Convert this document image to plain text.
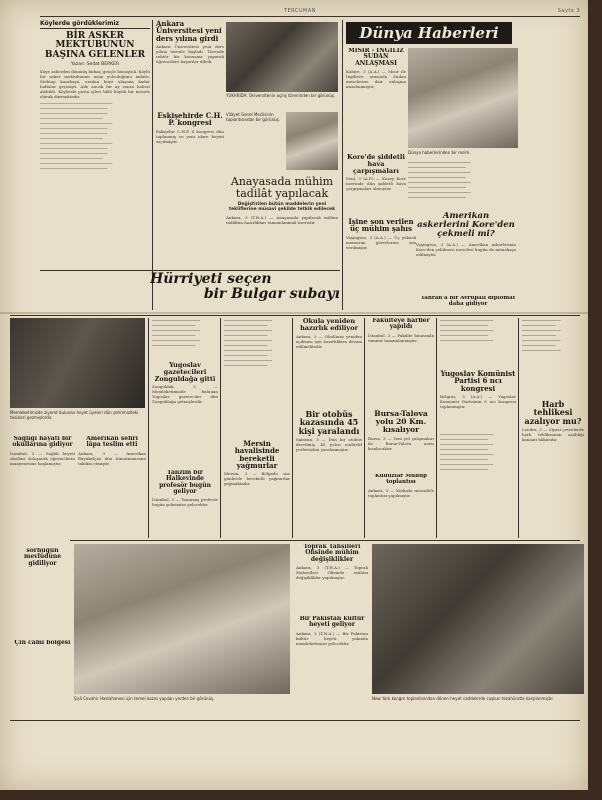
TERCÜMAN	Sayfa 3
Köylerde gördüklerimiz
BİR ASKER MEKTUBUNUN BAŞINA GELENLER
Yazan: Sedat BERKER
Köye askerden dönmüş birkaç gençle konuştuk. Köylü bir asker mektubunun uzun yolculuğunu anlattı. Mektup kasabaya, oradan köye ulaşana kadar haftalar geçmişti. Aile ancak bir ay sonra haberi alabildi. Köylerde posta işleri hâlâ büyük bir mesele olarak durmaktadır.
────────────────────────────── ──────────────────────────── ──────────────────────────── ────────────────────────── ────────────────────────────── ──────────────────────────── ──────────────────────────── ────────────────────────── ────────────────────────────── ──────────────────────────── ──────────────────────────── ────────────────────────── ────────────────────────────── ────────────────────────────
Ankara Üniversitesi yeni ders yılına girdi
Ankara Üniversitesi yeni ders yılına törenle başladı. Törende rektör bir konuşma yaparak öğrencilere başarılar diledi.
Eskişehirde C.H. P. kongresi
Eskişehir C.H.P. il kongresi dün toplanmış ve yeni idare heyeti seçilmiştir.
YUKARIDA: Üniversitenin açılış töreninden bir görünüş.
Vilâyet Genel Meclisinin toplantısından bir görünüş.
Anayasada mühim tadilât yapılacak
Değiştirilen bütün maddelerin yeni tekliflerine müsavi şekilde tetkik edilecek
Ankara, 3 (T.H.A.) — Anayasada yapılacak mühim tadilâtın hazırlıkları tamamlanmak üzeredir.
Dünya Haberleri
MISIR - İNGİLİZ SUDAN ANLAŞMASI
Kahire, 3 (A.A.) — Mısır ile İngiltere arasında Sudan meselesine dair anlaşma imzalanmıştır.
Dünya haberlerinden bir resim.
Kore'de şiddetli hava çarpışmaları
Seul, 3 (A.P.) — Kuzey Kore üzerinde dün şiddetli hava çarpışmaları olmuştur.
İşine son verilen üç mühim şahıs
Vaşington, 3 (A.A.) — Üç yüksek memurun görevlerine son verilmiştir.
────────────────────────── ──────────────────────── ────────────────────────── ──────────────────────── ────────────────────────── ──────────────────────── ────────────────────────── ────────────────────────
Amerikan askerlerini Kore'den çekmeli mi?
Vaşington, 3 (A.A.) — Amerikan askerlerinin Kore'den çekilmesi meselesi bugün de münakaşa edilmiştir.
Tahran'a bir Avrupalı diplomat daha gidiyor
Hürriyeti seçen
bir Bulgar subayı
Memleketimizde ziyaret bulunan heyet üyeleri dün şehrimizdeki tesisleri gezmişlerdir.
Sağlığı hayati bir okullarına gidiyor
İstanbul, 3 — Sağlık heyeti okulları dolaşarak öğrencilerin muayenesine başlamıştır.
Amerikan sefiri lâpa teslim etti
Ankara, 3 — Amerikan Büyükelçisi dün itimatnamesini takdim etmiştir.
sorhugun mevlüdüne gidiliyor
Çin cami bölgesi
──────────────────── ────────────────── ──────────────────── ────────────────── ──────────────────── ──────────────────
Yugoslav gazetecileri Zonguldağa gitti
Zonguldak, 3 — Memleketimizde bulunan Yugoslav gazeteciler dün Zonguldağa gelmişlerdir.
Tanzim bir Halkevinde profesör bugün geliyor
İstanbul, 3 — Tanınmış profesör bugün şehrimize gelecektir.
──────────────────── ────────────────── ──────────────────── ────────────────── ──────────────────── ────────────────── ──────────────────── ────────────────── ──────────────────── ──────────────────
Mersin havalisinde bereketli yağmurlar
Mersin, 3 — Bölgede son günlerde bereketli yağmurlar yağmaktadır.
Okula yeniden hazırlık ediliyor
Ankara, 3 — Okulların yeniden açılması için hazırlıklara devam edilmektedir.
Bir otobüs kazasında 45 kişi yaralandı
Samsun, 3 — Dün bir otobüs devrilmiş, 45 yolcu muhtelif yerlerinden yaralanmıştır.
Fakülteye harfler yapıldı
İstanbul, 3 — Fakülte binasında tamirat tamamlanmıştır.
Bursa-Talova yolu 20 Km. kısalıyor
Bursa, 3 — Yeni yol çalışmaları ile Bursa-Yalova arası kısalacaktır.
Kuduzlar Mühüp toplantısı
Ankara, 3 — Kuduzla mücadele toplantısı yapılmıştır.
────────────────────── ──────────────────── ────────────────────── ──────────────────── ──────────────────────
Yugoslav Komünist Partisi 6 ncı kongresi
Belgrat, 3 (A.A.) — Yugoslav Komünist Partisinin 6 ncı kongresi toplanmıştır.
────────────────────── ──────────────────── ────────────────────── ──────────────────── ────────────────────── ──────────────────── ────────────────────── ────────────────────
──────────────── ────────────── ──────────────── ────────────── ──────────────── ────────────── ────────────────
Harb tehlikesi azalıyor mu?
Londra, 3 — Siyasi çevrelerde harb tehlikesinin azaldığı kanaati hâkimdir.
Şişli Cevahir Hastahanesi için temel kazısı yapılan yerden bir görünüş.
Toprak Tahsilleri Ofisinde mühim değişiklikler
Ankara, 3 (T.H.A.) — Toprak Mahsulleri Ofisinde mühim değişiklikler yapılmıştır.
Bir Pakistan kültür heyeti geliyor
Ankara, 3 (T.H.A.) — Bir Pakistan kültür heyeti yakında memleketimize gelecektir.
New York kongre toplantısından dönen heyet caddelerde coşkun tezahüratla karşılanmıştır.
